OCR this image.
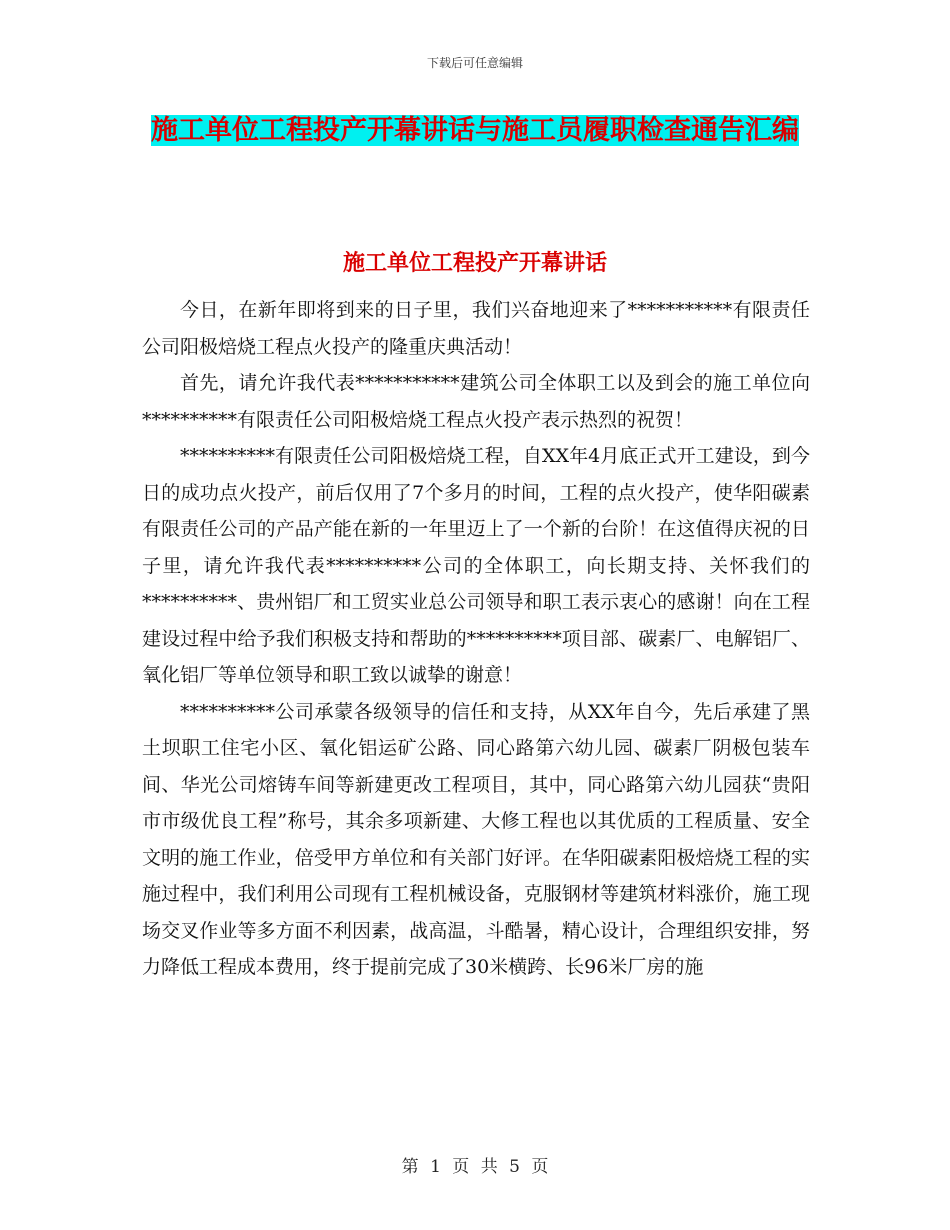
下载后可任意编辑
施工单位工程投产开幕讲话与施工员履职检查通告汇编
施工单位工程投产开幕讲话

今日，在新年即将到来的日子里，我们兴奋地迎来了***********有限责任公司阳极焙烧工程点火投产的隆重庆典活动！

首先，请允许我代表***********建筑公司全体职工以及到会的施工单位向**********有限责任公司阳极焙烧工程点火投产表示热烈的祝贺！

**********有限责任公司阳极焙烧工程，自XX年4月底正式开工建设，到今日的成功点火投产，前后仅用了7个多月的时间，工程的点火投产，使华阳碳素有限责任公司的产品产能在新的一年里迈上了一个新的台阶！在这值得庆祝的日子里，请允许我代表**********公司的全体职工，向长期支持、关怀我们的**********、贵州铝厂和工贸实业总公司领导和职工表示衷心的感谢！向在工程建设过程中给予我们积极支持和帮助的**********项目部、碳素厂、电解铝厂、氧化铝厂等单位领导和职工致以诚挚的谢意！

**********公司承蒙各级领导的信任和支持，从XX年自今，先后承建了黑土坝职工住宅小区、氧化铝运矿公路、同心路第六幼儿园、碳素厂阴极包装车间、华光公司熔铸车间等新建更改工程项目，其中，同心路第六幼儿园获“贵阳市市级优良工程”称号，其余多项新建、大修工程也以其优质的工程质量、安全文明的施工作业，倍受甲方单位和有关部门好评。在华阳碳素阳极焙烧工程的实施过程中，我们利用公司现有工程机械设备，克服钢材等建筑材料涨价，施工现场交叉作业等多方面不利因素，战高温，斗酷暑，精心设计，合理组织安排，努力降低工程成本费用，终于提前完成了30米横跨、长96米厂房的施

第 1 页 共 5 页
